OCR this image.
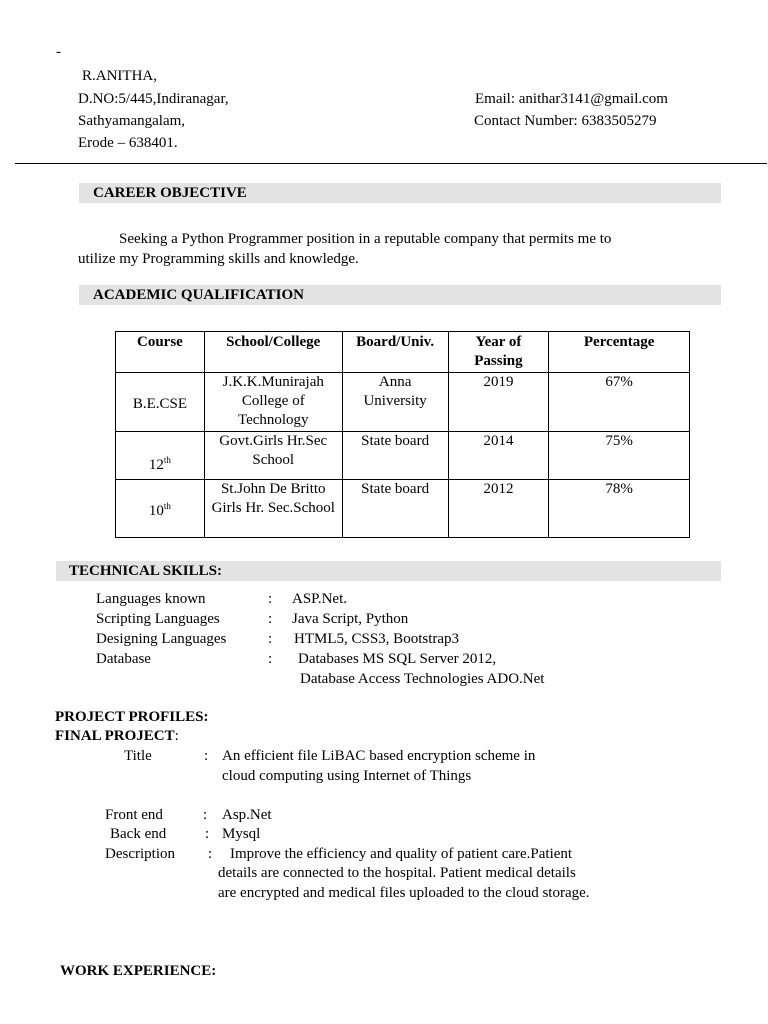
-
R.ANITHA,
D.NO:5/445,Indiranagar,
Sathyamangalam,
Erode – 638401.
Email: anithar3141@gmail.com
Contact Number: 6383505279
CAREER OBJECTIVE
Seeking a Python Programmer position in a reputable company that permits me to
utilize my Programming skills and knowledge.
ACADEMIC QUALIFICATION
Course	School/College	Board/Univ.	Year of Passing	Percentage
B.E.CSE	J.K.K.Munirajah College of Technology	Anna University	2019	67%
12th	Govt.Girls Hr.Sec School	State board	2014	75%
10th	St.John De Britto Girls Hr. Sec.School	State board	2012	78%
TECHNICAL SKILLS:
Languages known	: ASP.Net.
Scripting Languages	: Java Script, Python
Designing Languages	: HTML5, CSS3, Bootstrap3
Database	: Databases MS SQL Server 2012,
Database Access Technologies ADO.Net
PROJECT PROFILES:
FINAL PROJECT:
Title	: An efficient file LiBAC based encryption scheme in
cloud computing using Internet of Things
Front end	: Asp.Net
Back end	: Mysql
Description : Improve the efficiency and quality of patient care.Patient
details are connected to the hospital. Patient medical details
are encrypted and medical files uploaded to the cloud storage.
WORK EXPERIENCE:
